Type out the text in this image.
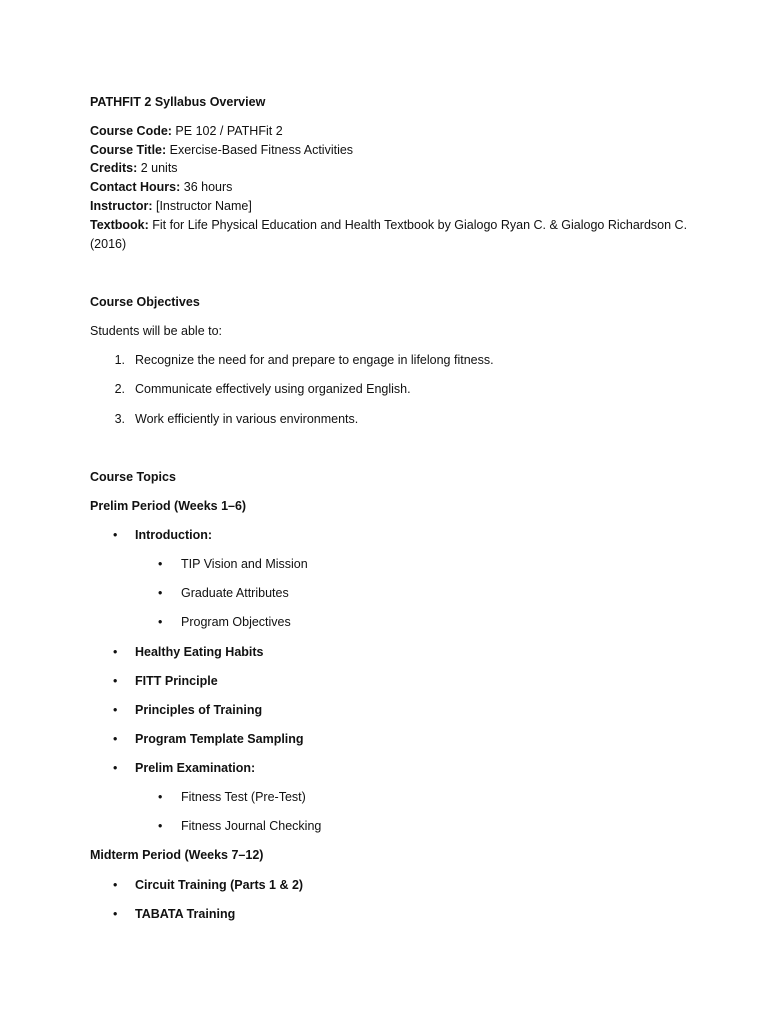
PATHFIT 2 Syllabus Overview
Course Code: PE 102 / PATHFit 2
Course Title: Exercise-Based Fitness Activities
Credits: 2 units
Contact Hours: 36 hours
Instructor: [Instructor Name]
Textbook: Fit for Life Physical Education and Health Textbook by Gialogo Ryan C. & Gialogo Richardson C. (2016)
Course Objectives
Students will be able to:
1. Recognize the need for and prepare to engage in lifelong fitness.
2. Communicate effectively using organized English.
3. Work efficiently in various environments.
Course Topics
Prelim Period (Weeks 1–6)
• Introduction:
• TIP Vision and Mission
• Graduate Attributes
• Program Objectives
• Healthy Eating Habits
• FITT Principle
• Principles of Training
• Program Template Sampling
• Prelim Examination:
• Fitness Test (Pre-Test)
• Fitness Journal Checking
Midterm Period (Weeks 7–12)
• Circuit Training (Parts 1 & 2)
• TABATA Training
